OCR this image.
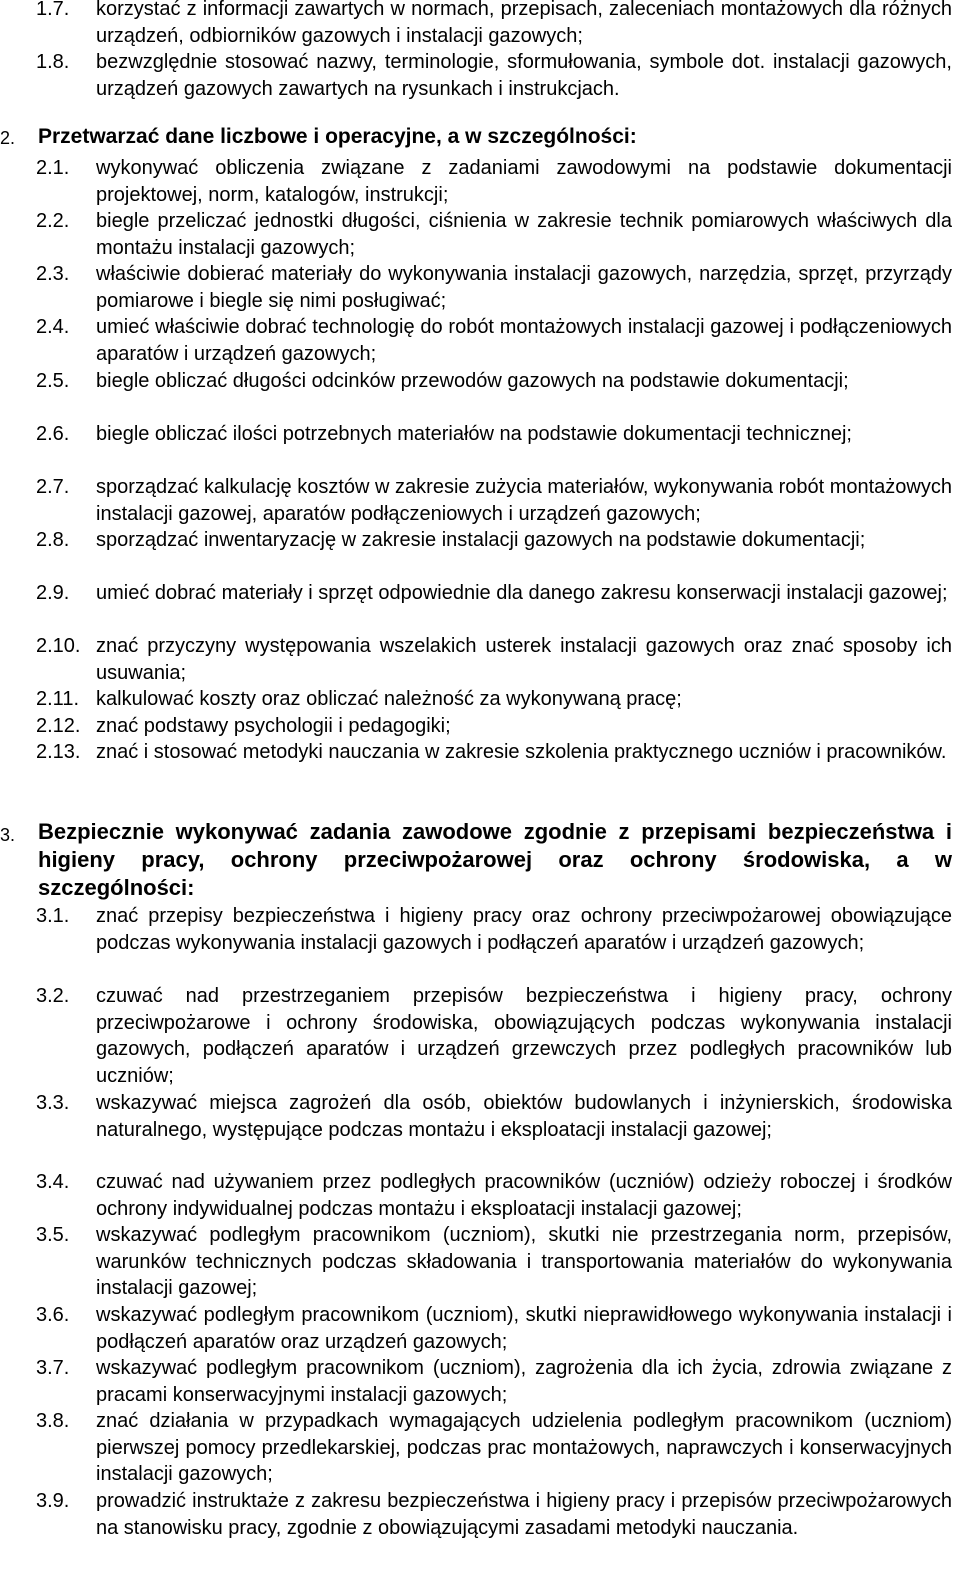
1.7. korzystać z informacji zawartych w normach, przepisach, zaleceniach montażowych dla różnych urządzeń, odbiorników gazowych i instalacji gazowych;
1.8. bezwzględnie stosować nazwy, terminologie, sformułowania, symbole dot. instalacji gazowych, urządzeń gazowych zawartych na rysunkach i instrukcjach.
2. Przetwarzać dane liczbowe i operacyjne, a w szczególności:
2.1. wykonywać obliczenia związane z zadaniami zawodowymi na podstawie dokumentacji projektowej, norm, katalogów, instrukcji;
2.2. biegle przeliczać jednostki długości, ciśnienia w zakresie technik pomiarowych właściwych dla montażu instalacji gazowych;
2.3. właściwie dobierać materiały do wykonywania instalacji gazowych, narzędzia, sprzęt, przyrządy pomiarowe i biegle się nimi posługiwać;
2.4. umieć właściwie dobrać technologię do robót montażowych instalacji gazowej i podłączeniowych aparatów i urządzeń gazowych;
2.5. biegle obliczać długości odcinków przewodów gazowych na podstawie dokumentacji;
2.6. biegle obliczać ilości potrzebnych materiałów na podstawie dokumentacji technicznej;
2.7. sporządzać kalkulację kosztów w zakresie zużycia materiałów, wykonywania robót montażowych instalacji gazowej, aparatów podłączeniowych i urządzeń gazowych;
2.8. sporządzać inwentaryzację w zakresie instalacji gazowych na podstawie dokumentacji;
2.9. umieć dobrać materiały i sprzęt odpowiednie dla danego zakresu konserwacji instalacji gazowej;
2.10. znać przyczyny występowania wszelakich usterek instalacji gazowych oraz znać sposoby ich usuwania;
2.11. kalkulować koszty oraz obliczać należność za wykonywaną pracę;
2.12. znać podstawy psychologii i pedagogiki;
2.13. znać i stosować metodyki nauczania w zakresie szkolenia praktycznego uczniów i pracowników.
3. Bezpiecznie wykonywać zadania zawodowe zgodnie z przepisami bezpieczeństwa i higieny pracy, ochrony przeciwpożarowej oraz ochrony środowiska, a w szczególności:
3.1. znać przepisy bezpieczeństwa i higieny pracy oraz ochrony przeciwpożarowej obowiązujące podczas wykonywania instalacji gazowych i podłączeń aparatów i urządzeń gazowych;
3.2. czuwać nad przestrzeganiem przepisów bezpieczeństwa i higieny pracy, ochrony przeciwpożarowe i ochrony środowiska, obowiązujących podczas wykonywania instalacji gazowych, podłączeń aparatów i urządzeń grzewczych przez podległych pracowników lub uczniów;
3.3. wskazywać miejsca zagrożeń dla osób, obiektów budowlanych i inżynierskich, środowiska naturalnego, występujące podczas montażu i eksploatacji instalacji gazowej;
3.4. czuwać nad używaniem przez podległych pracowników (uczniów) odzieży roboczej i środków ochrony indywidualnej podczas montażu i eksploatacji instalacji gazowej;
3.5. wskazywać podległym pracownikom (uczniom), skutki nie przestrzegania norm, przepisów, warunków technicznych podczas składowania i transportowania materiałów do wykonywania instalacji gazowej;
3.6. wskazywać podległym pracownikom (uczniom), skutki nieprawidłowego wykonywania instalacji i podłączeń aparatów oraz urządzeń gazowych;
3.7. wskazywać podległym pracownikom (uczniom), zagrożenia dla ich życia, zdrowia związane z pracami konserwacyjnymi instalacji gazowych;
3.8. znać działania w przypadkach wymagających udzielenia podległym pracownikom (uczniom) pierwszej pomocy przedlekarskiej, podczas prac montażowych, naprawczych i konserwacyjnych instalacji gazowych;
3.9. prowadzić instruktaże z zakresu bezpieczeństwa i higieny pracy i przepisów przeciwpożarowych na stanowisku pracy, zgodnie z obowiązującymi zasadami metodyki nauczania.
